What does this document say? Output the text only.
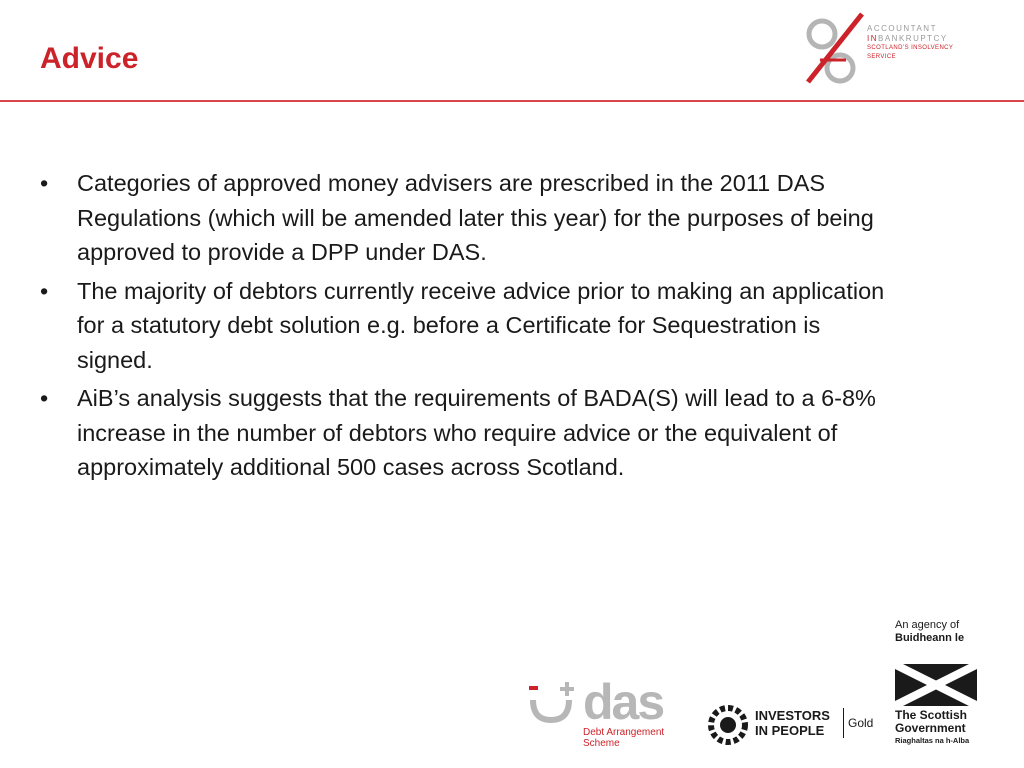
Advice
ACCOUNTANT
INBANKRUPTCY
SCOTLAND’S INSOLVENCY SERVICE
•	Categories of approved money advisers are prescribed in the 2011 DAS Regulations (which will be amended later this year) for the purposes of being approved to provide a DPP under DAS.
•	The majority of debtors currently receive advice prior to making an application for a statutory debt solution e.g. before a Certificate for Sequestration is signed.
•	AiB’s analysis suggests that the requirements of BADA(S) will lead to a 6-8% increase in the number of debtors who require advice or the equivalent of approximately additional 500 cases across Scotland.
das
Debt Arrangement
Scheme
INVESTORS
IN PEOPLE	Gold
An agency of
Buidheann le
The Scottish
Government
Riaghaltas na h-Alba
